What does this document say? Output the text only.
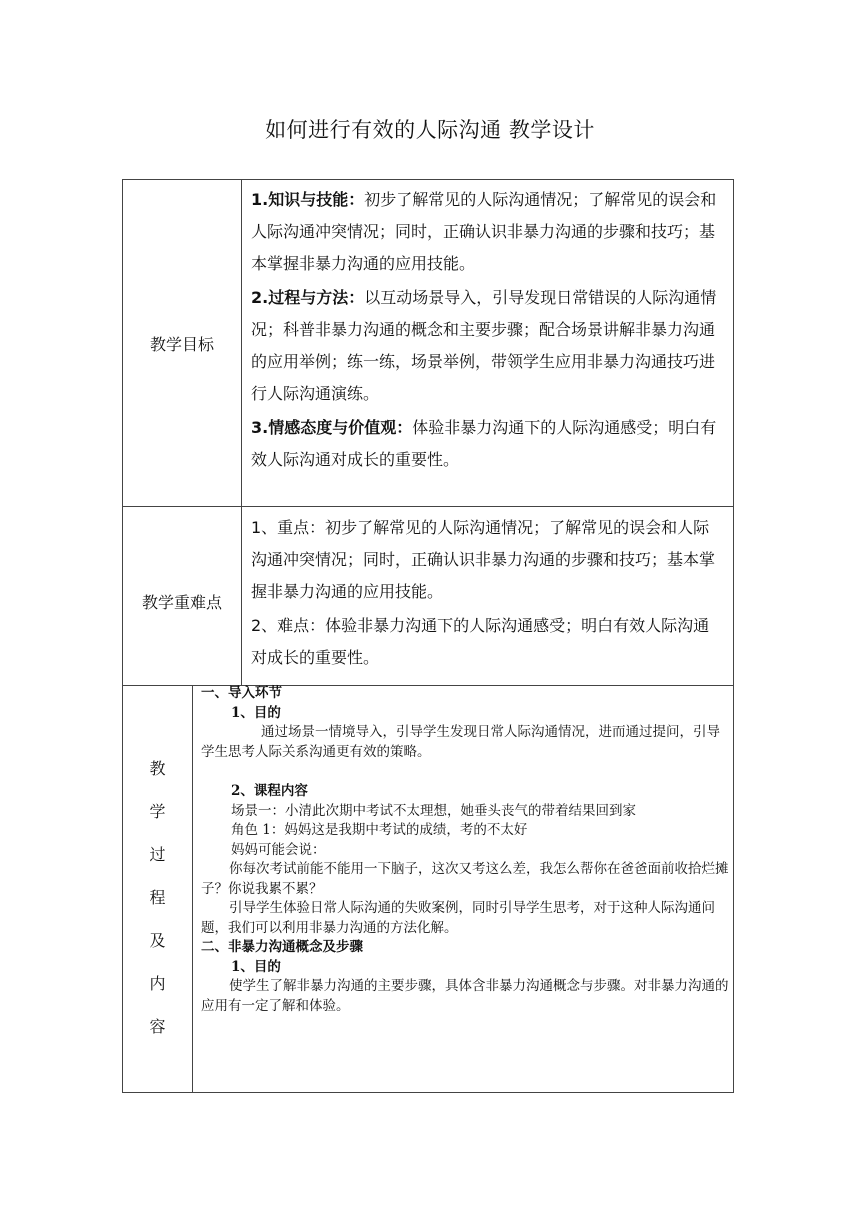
如何进行有效的人际沟通 教学设计
教学目标

1.知识与技能：初步了解常见的人际沟通情况；了解常见的误会和人际沟通冲突情况；同时，正确认识非暴力沟通的步骤和技巧；基本掌握非暴力沟通的应用技能。

2.过程与方法：以互动场景导入，引导发现日常错误的人际沟通情况；科普非暴力沟通的概念和主要步骤；配合场景讲解非暴力沟通的应用举例；练一练，场景举例，带领学生应用非暴力沟通技巧进行人际沟通演练。

3.情感态度与价值观：体验非暴力沟通下的人际沟通感受；明白有效人际沟通对成长的重要性。

教学重难点

1、重点：初步了解常见的人际沟通情况；了解常见的误会和人际沟通冲突情况；同时，正确认识非暴力沟通的步骤和技巧；基本掌握非暴力沟通的应用技能。

2、难点：体验非暴力沟通下的人际沟通感受；明白有效人际沟通对成长的重要性。

教
学
过
程
及
内
容
一、导入环节
1、目的
通过场景一情境导入，引导学生发现日常人际沟通情况，进而通过提问，引导学生思考人际关系沟通更有效的策略。
2、课程内容
场景一：小清此次期中考试不太理想，她垂头丧气的带着结果回到家
角色 1：妈妈这是我期中考试的成绩，考的不太好
妈妈可能会说：
你每次考试前能不能用一下脑子，这次又考这么差，我怎么帮你在爸爸面前收拾烂摊子？你说我累不累？
引导学生体验日常人际沟通的失败案例，同时引导学生思考，对于这种人际沟通问题，我们可以利用非暴力沟通的方法化解。
二、非暴力沟通概念及步骤
1、目的
使学生了解非暴力沟通的主要步骤，具体含非暴力沟通概念与步骤。对非暴力沟通的应用有一定了解和体验。
